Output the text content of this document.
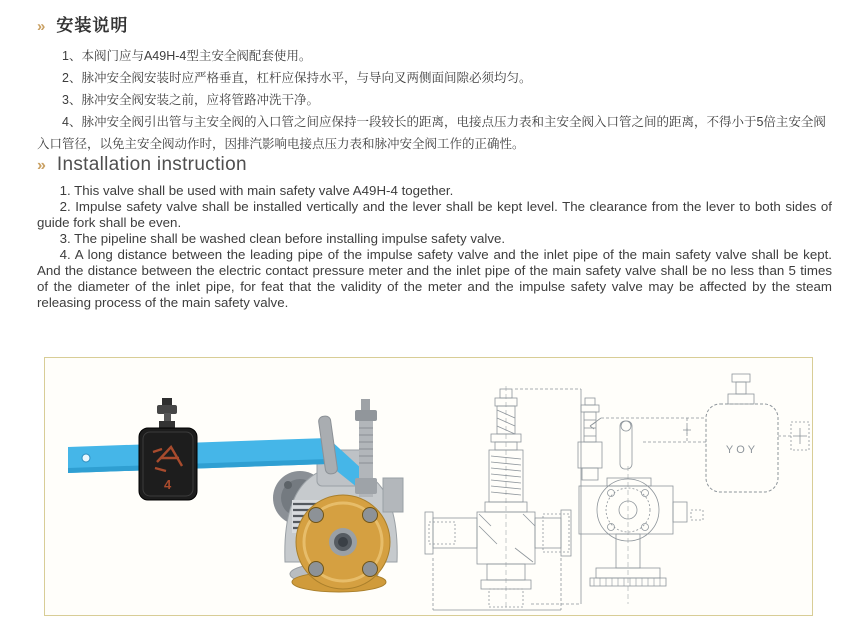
» 安装说明

1、本阀门应与A49H-4型主安全阀配套使用。

2、脉冲安全阀安装时应严格垂直，杠杆应保持水平，与导向叉两侧面间隙必须均匀。

3、脉冲安全阀安装之前，应将管路冲洗干净。

4、脉冲安全阀引出管与主安全阀的入口管之间应保持一段较长的距离，电接点压力表和主安全阀入口管之间的距离，不得小于5倍主安全阀入口管径，以免主安全阀动作时，因排汽影响电接点压力表和脉冲安全阀工作的正确性。

» Installation instruction

1. This valve shall be used with main safety valve A49H-4 together.

2. Impulse safety valve shall be installed vertically and the lever shall be kept level. The clearance from the lever to both sides of guide fork shall be even.

3. The pipeline shall be washed clean before installing impulse safety valve.

4. A long distance between the leading pipe of the impulse safety valve and the inlet pipe of the main safety valve shall be kept. And the distance between the electric contact pressure meter and the inlet pipe of the main safety valve shall be no less than 5 times of the diameter of the inlet pipe, for feat that the validity of the meter and the impulse safety valve may be affected by the steam releasing process of the main safety valve.

4
YOY
